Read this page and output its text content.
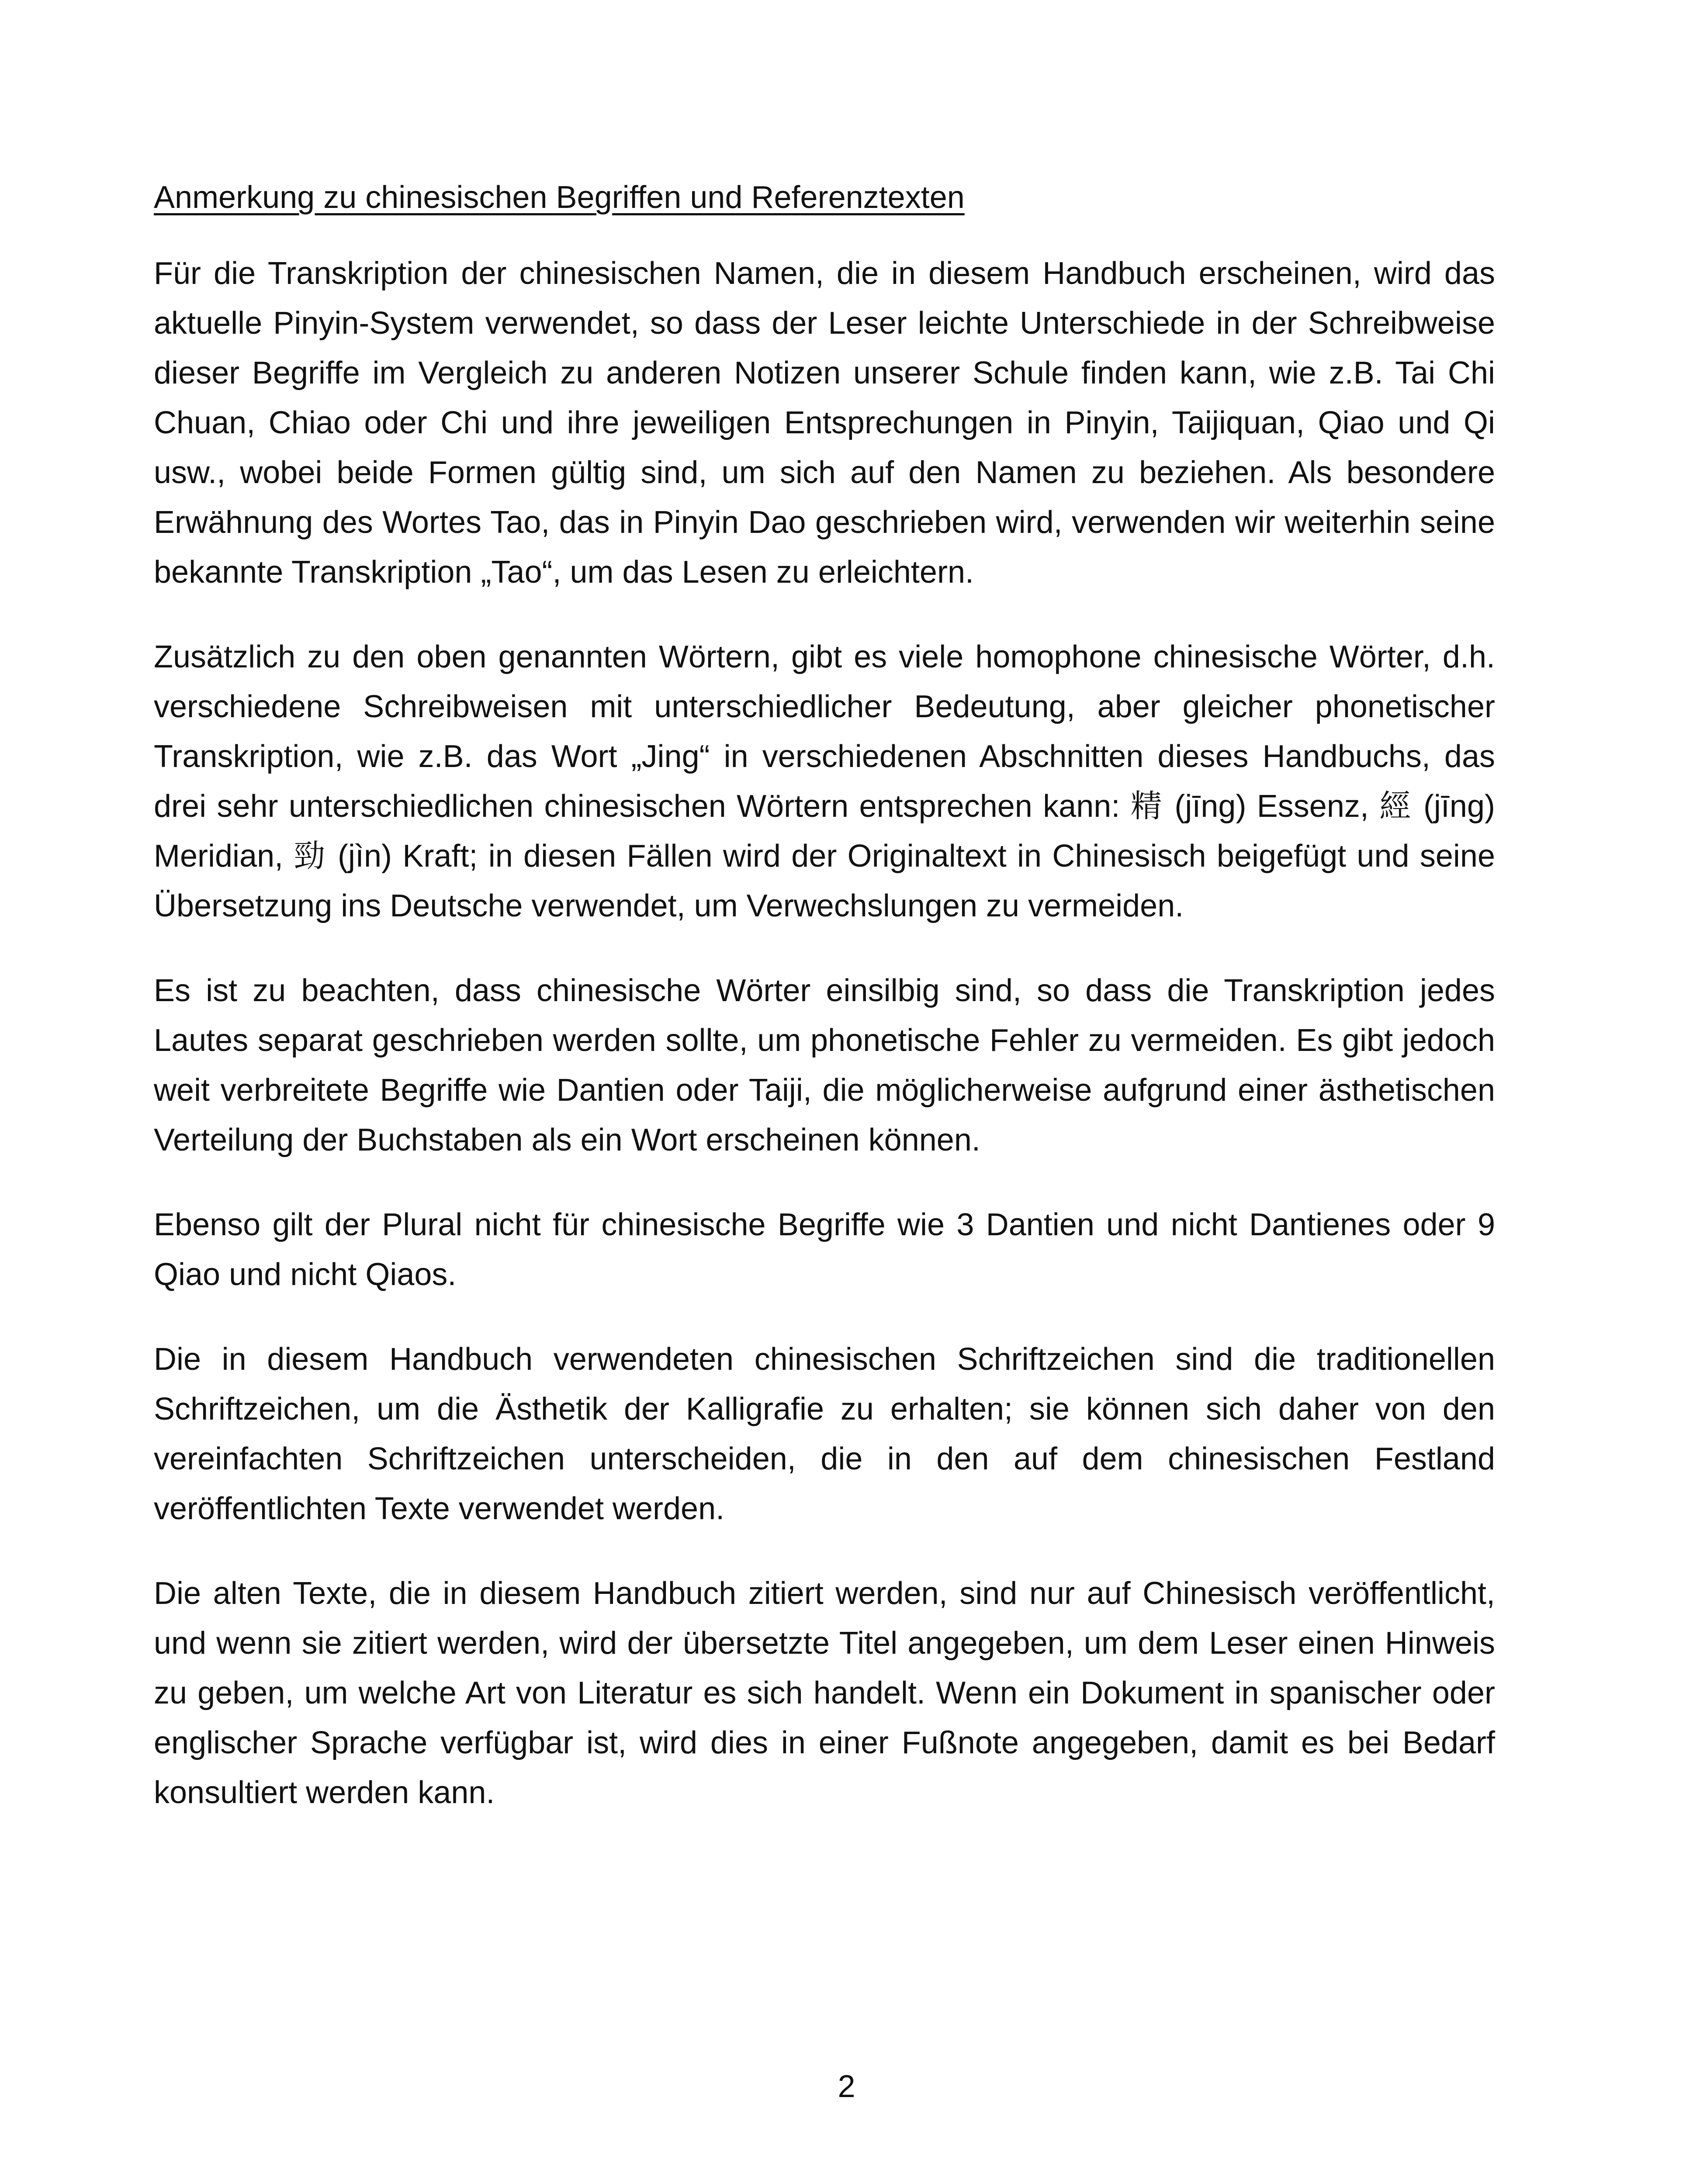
Anmerkung zu chinesischen Begriffen und Referenztexten

Für die Transkription der chinesischen Namen, die in diesem Handbuch erscheinen, wird das aktuelle Pinyin-System verwendet, so dass der Leser leichte Unterschiede in der Schreibweise dieser Begriffe im Vergleich zu anderen Notizen unserer Schule finden kann, wie z.B. Tai Chi Chuan, Chiao oder Chi und ihre jeweiligen Entsprechungen in Pinyin, Taijiquan, Qiao und Qi usw., wobei beide Formen gültig sind, um sich auf den Namen zu beziehen. Als besondere Erwähnung des Wortes Tao, das in Pinyin Dao geschrieben wird, verwenden wir weiterhin seine bekannte Transkription „Tao“, um das Lesen zu erleichtern.

Zusätzlich zu den oben genannten Wörtern, gibt es viele homophone chinesische Wörter, d.h. verschiedene Schreibweisen mit unterschiedlicher Bedeutung, aber gleicher phonetischer Transkription, wie z.B. das Wort „Jing“ in verschiedenen Abschnitten dieses Handbuchs, das drei sehr unterschiedlichen chinesischen Wörtern entsprechen kann: 精 (jīng) Essenz, 經 (jīng) Meridian, 勁 (jìn) Kraft; in diesen Fällen wird der Originaltext in Chinesisch beigefügt und seine Übersetzung ins Deutsche verwendet, um Verwechslungen zu vermeiden.

Es ist zu beachten, dass chinesische Wörter einsilbig sind, so dass die Transkription jedes Lautes separat geschrieben werden sollte, um phonetische Fehler zu vermeiden. Es gibt jedoch weit verbreitete Begriffe wie Dantien oder Taiji, die möglicherweise aufgrund einer ästhetischen Verteilung der Buchstaben als ein Wort erscheinen können.

Ebenso gilt der Plural nicht für chinesische Begriffe wie 3 Dantien und nicht Dantienes oder 9 Qiao und nicht Qiaos.

Die in diesem Handbuch verwendeten chinesischen Schriftzeichen sind die traditionellen Schriftzeichen, um die Ästhetik der Kalligrafie zu erhalten; sie können sich daher von den vereinfachten Schriftzeichen unterscheiden, die in den auf dem chinesischen Festland veröffentlichten Texte verwendet werden.

Die alten Texte, die in diesem Handbuch zitiert werden, sind nur auf Chinesisch veröffentlicht, und wenn sie zitiert werden, wird der übersetzte Titel angegeben, um dem Leser einen Hinweis zu geben, um welche Art von Literatur es sich handelt. Wenn ein Dokument in spanischer oder englischer Sprache verfügbar ist, wird dies in einer Fußnote angegeben, damit es bei Bedarf konsultiert werden kann.

2
